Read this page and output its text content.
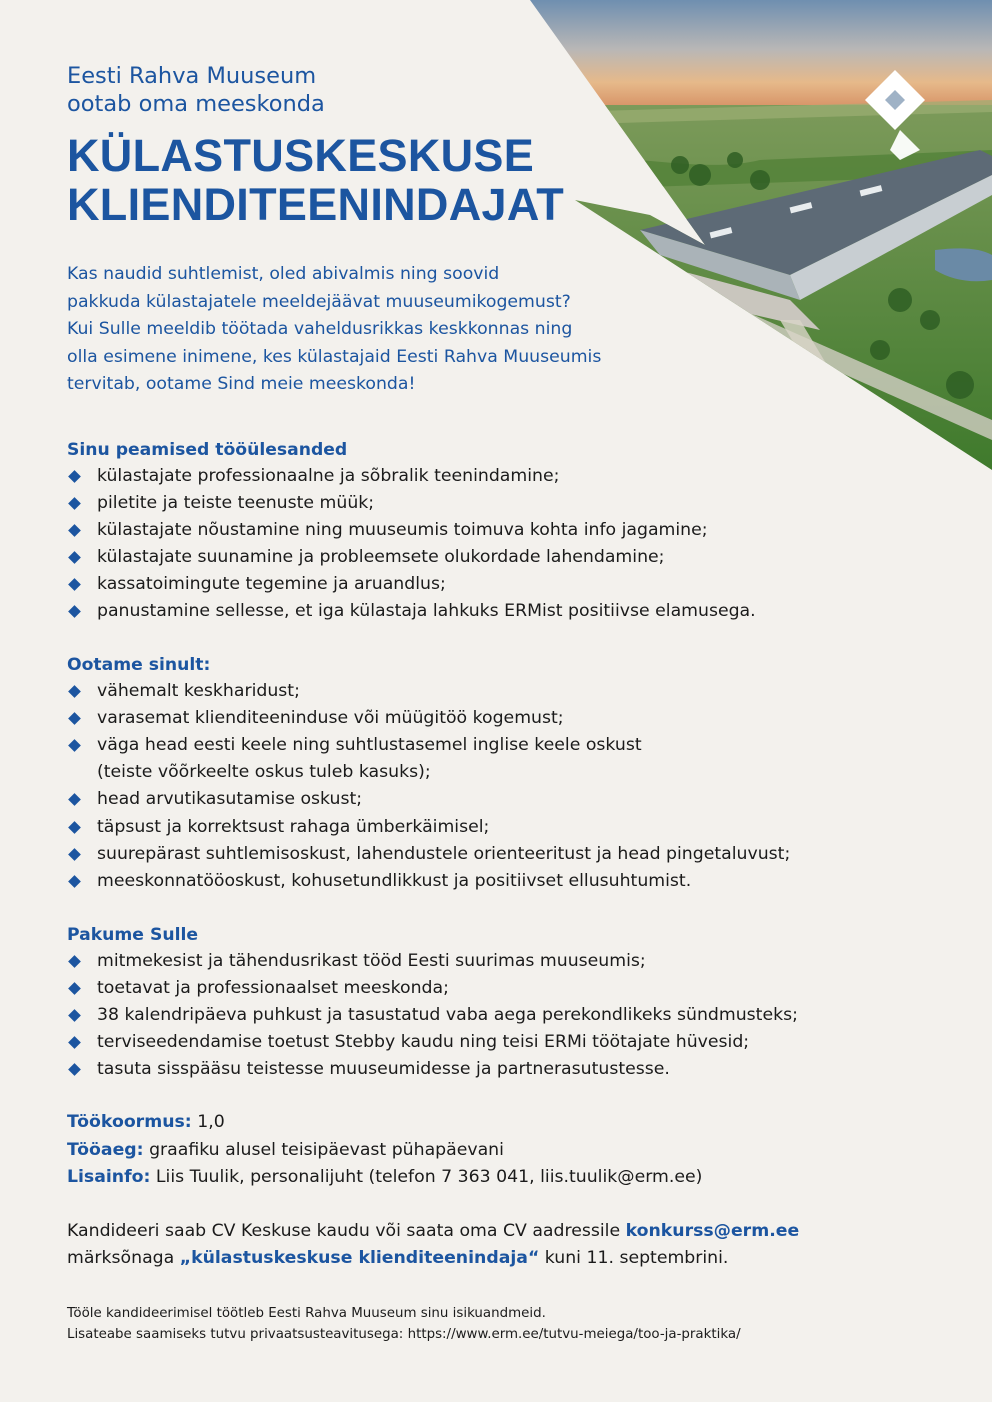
Eesti Rahva Muuseum
ootab oma meeskonda

KÜLASTUSKESKUSE
KLIENDITEENINDAJAT

Kas naudid suhtlemist, oled abivalmis ning soovid
pakkuda külastajatele meeldejäävat muuseumikogemust?
Kui Sulle meeldib töötada vaheldusrikkas keskkonnas ning
olla esimene inimene, kes külastajaid Eesti Rahva Muuseumis
tervitab, ootame Sind meie meeskonda!

Sinu peamised tööülesanded
külastajate professionaalne ja sõbralik teenindamine;
piletite ja teiste teenuste müük;
külastajate nõustamine ning muuseumis toimuva kohta info jagamine;
külastajate suunamine ja probleemsete olukordade lahendamine;
kassatoimingute tegemine ja aruandlus;
panustamine sellesse, et iga külastaja lahkuks ERMist positiivse elamusega.
Ootame sinult:
vähemalt keskharidust;
varasemat klienditeeninduse või müügitöö kogemust;
väga head eesti keele ning suhtlustasemel inglise keele oskust
(teiste võõrkeelte oskus tuleb kasuks);
head arvutikasutamise oskust;
täpsust ja korrektsust rahaga ümberkäimisel;
suurepärast suhtlemisoskust, lahendustele orienteeritust ja head pingetaluvust;
meeskonnatööoskust, kohusetundlikkust ja positiivset ellusuhtumist.
Pakume Sulle
mitmekesist ja tähendusrikast tööd Eesti suurimas muuseumis;
toetavat ja professionaalset meeskonda;
38 kalendripäeva puhkust ja tasustatud vaba aega perekondlikeks sündmusteks;
terviseedendamise toetust Stebby kaudu ning teisi ERMi töötajate hüvesid;
tasuta sisspääsu teistesse muuseumidesse ja partnerasutustesse.
Töökoormus: 1,0
Tööaeg: graafiku alusel teisipäevast pühapäevani
Lisainfo: Liis Tuulik, personalijuht (telefon 7 363 041, liis.tuulik@erm.ee)
Kandideeri saab CV Keskuse kaudu või saata oma CV aadressile konkurss@erm.ee
märksõnaga „külastuskeskuse klienditeenindaja“ kuni 11. septembrini.
Tööle kandideerimisel töötleb Eesti Rahva Muuseum sinu isikuandmeid.
Lisateabe saamiseks tutvu privaatsusteavitusega: https://www.erm.ee/tutvu-meiega/too-ja-praktika/
